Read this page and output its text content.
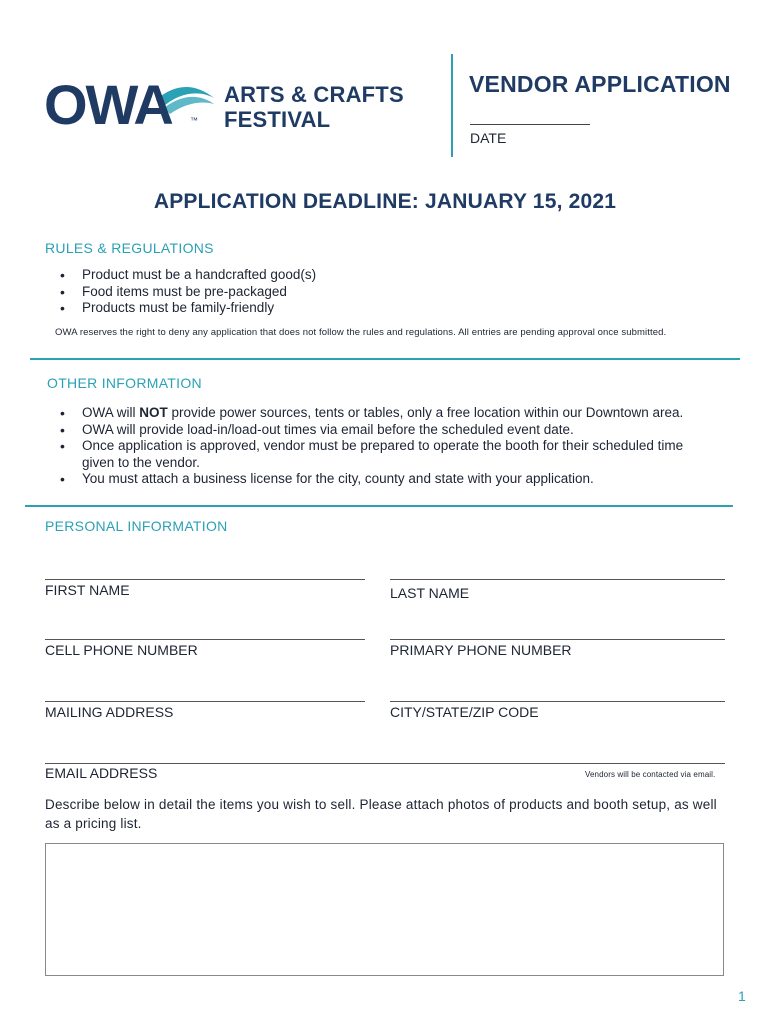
OWA ™
ARTS & CRAFTS
FESTIVAL
VENDOR APPLICATION
DATE
APPLICATION DEADLINE: JANUARY 15, 2021
RULES & REGULATIONS
• Product must be a handcrafted good(s)
• Food items must be pre-packaged
• Products must be family-friendly
OWA reserves the right to deny any application that does not follow the rules and regulations. All entries are pending approval once submitted.
OTHER INFORMATION
• OWA will NOT provide power sources, tents or tables, only a free location within our Downtown area.
• OWA will provide load-in/load-out times via email before the scheduled event date.
• Once application is approved, vendor must be prepared to operate the booth for their scheduled time given to the vendor.
• You must attach a business license for the city, county and state with your application.
PERSONAL INFORMATION
FIRST NAME	LAST NAME
CELL PHONE NUMBER	PRIMARY PHONE NUMBER
MAILING ADDRESS	CITY/STATE/ZIP CODE
EMAIL ADDRESS	Vendors will be contacted via email.
Describe below in detail the items you wish to sell. Please attach photos of products and booth setup, as well as a pricing list.
1
